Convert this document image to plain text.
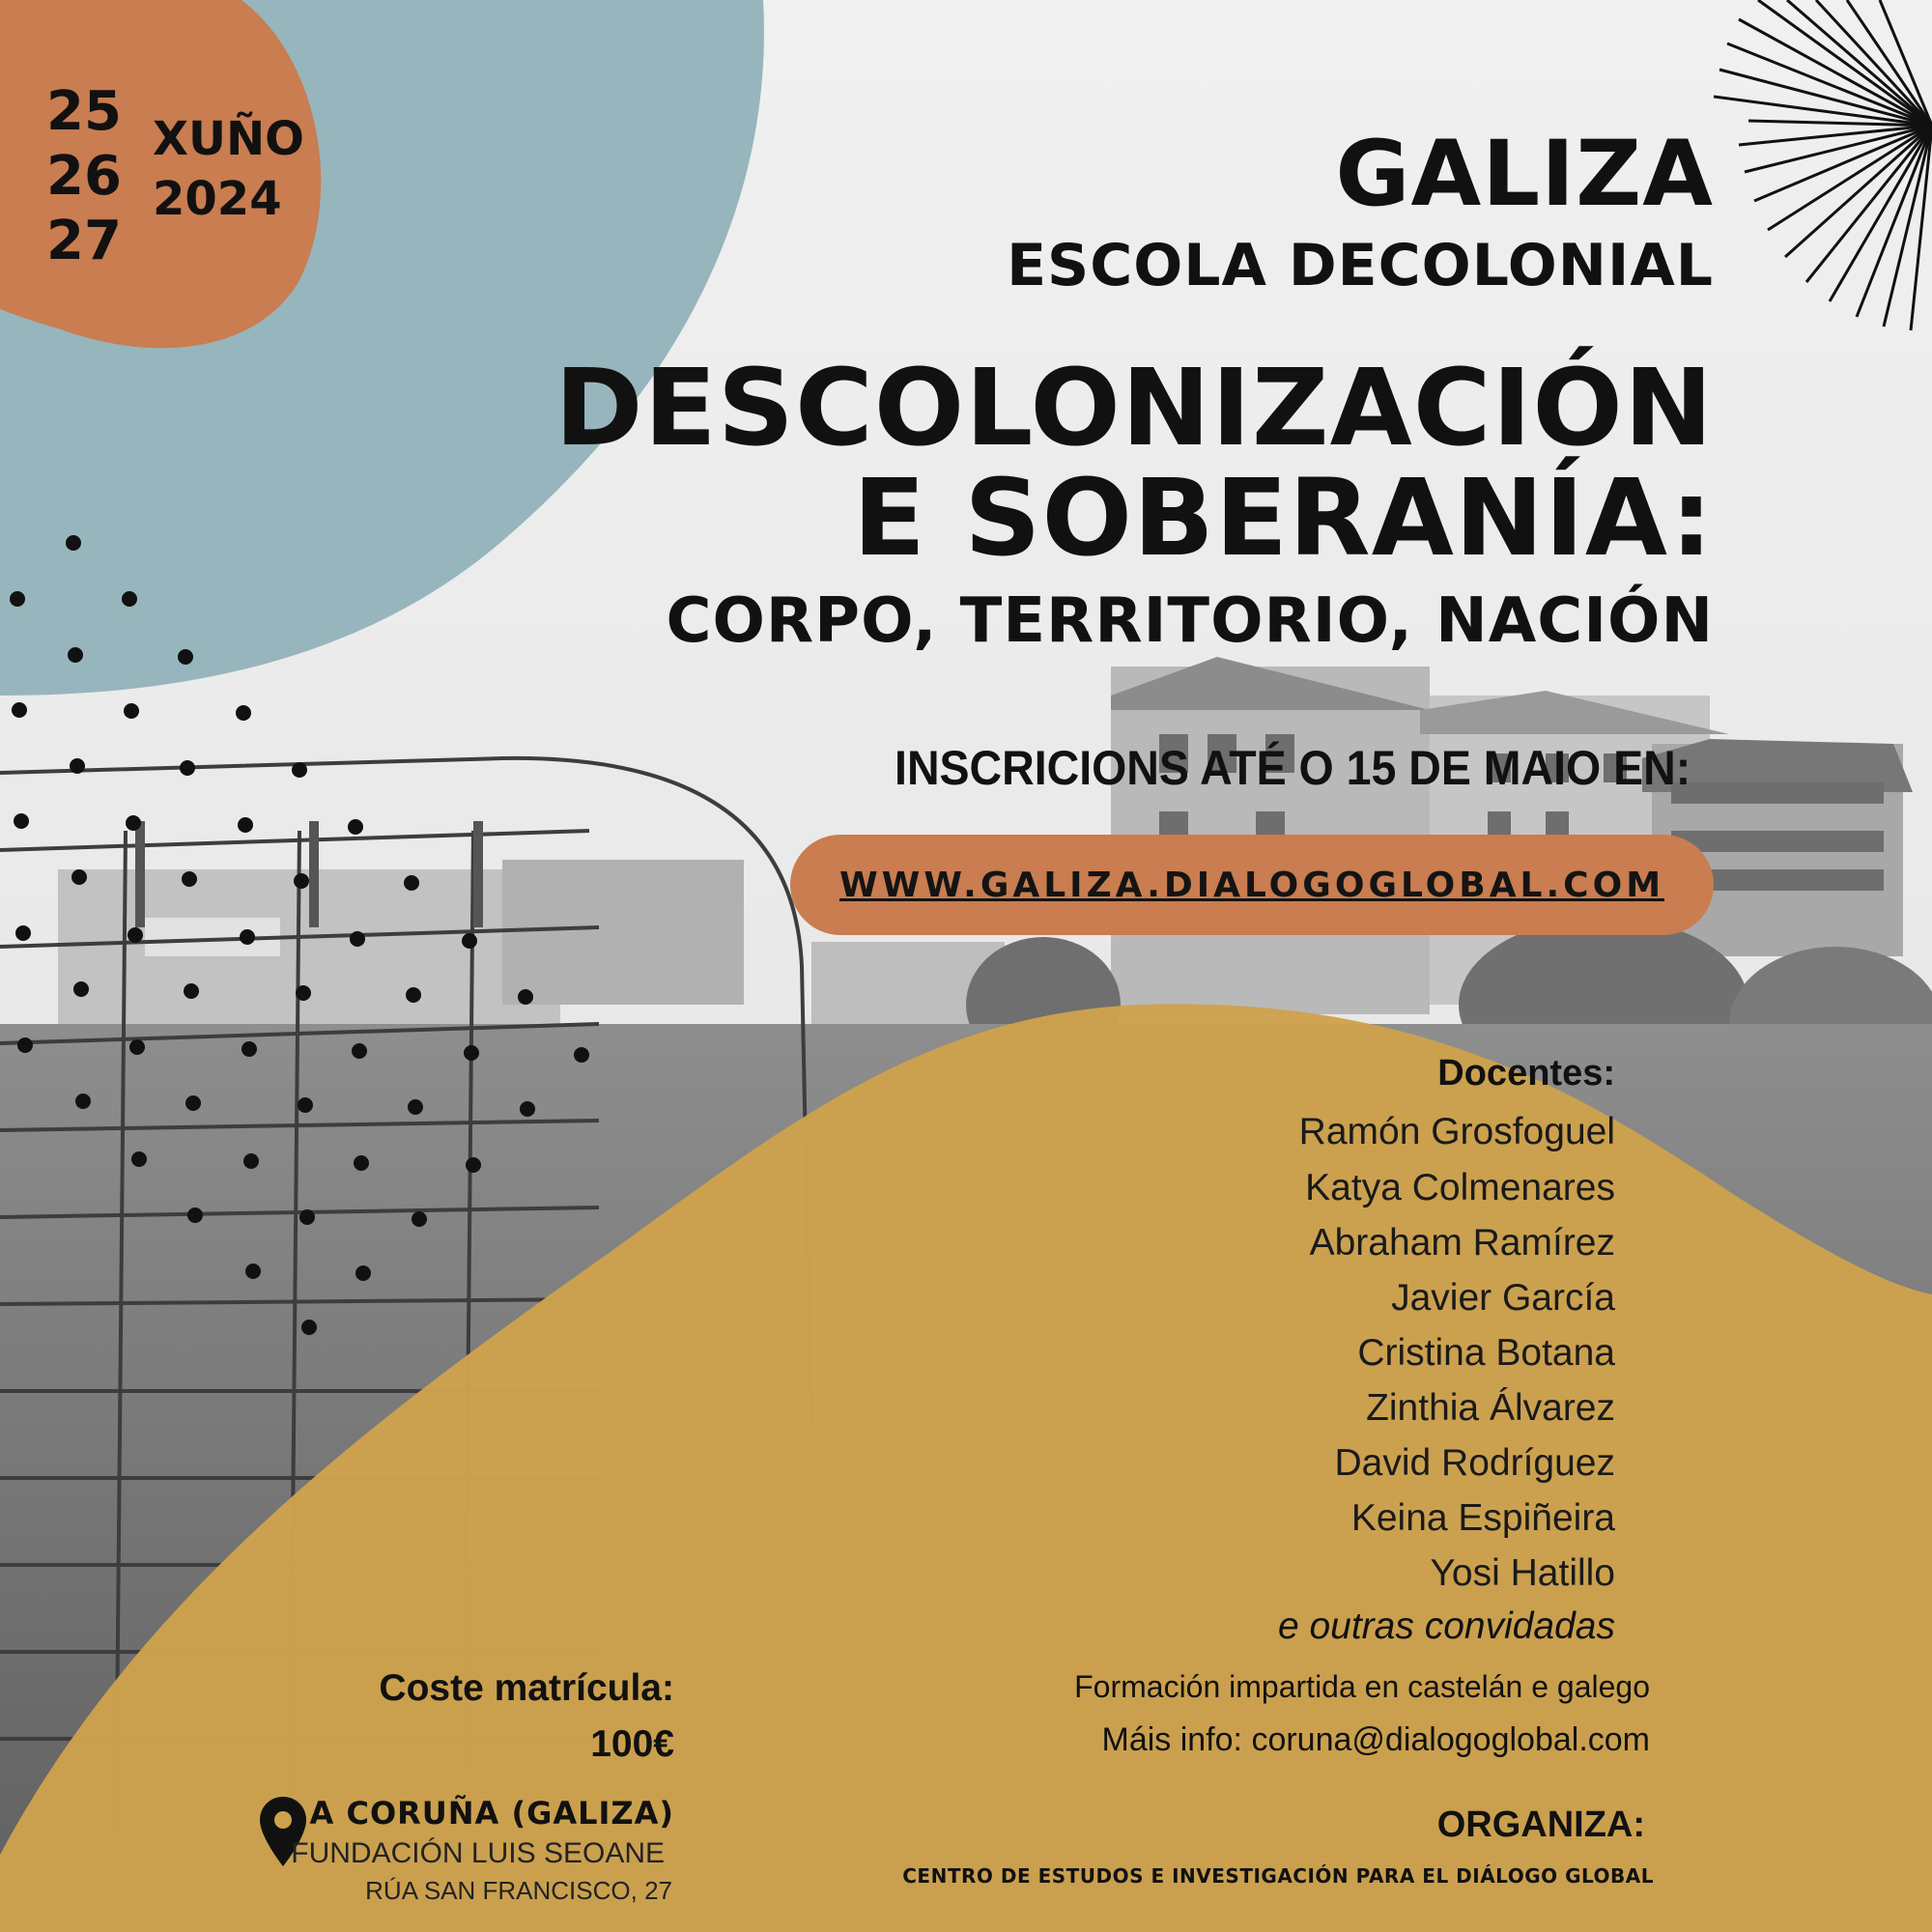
25
26
27
XUÑO
2024	GALIZA
ESCOLA DECOLONIAL
DESCOLONIZACIÓN
E SOBERANÍA:
CORPO, TERRITORIO, NACIÓN
INSCRICIONS ATÉ O 15 DE MAIO EN:
WWW.GALIZA.DIALOGOGLOBAL.COM
Docentes:
Ramón Grosfoguel
Katya Colmenares
Abraham Ramírez
Javier García
Cristina Botana
Zinthia Álvarez
David Rodríguez
Keina Espiñeira
Yosi Hatillo
e outras convidadas
Formación impartida en castelán e galego
Máis info: coruna@dialogoglobal.com
ORGANIZA:
CENTRO DE ESTUDOS E INVESTIGACIÓN PARA EL DIÁLOGO GLOBAL
Coste matrícula:
100€
A CORUÑA (GALIZA)
FUNDACIÓN LUIS SEOANE
RÚA SAN FRANCISCO, 27
